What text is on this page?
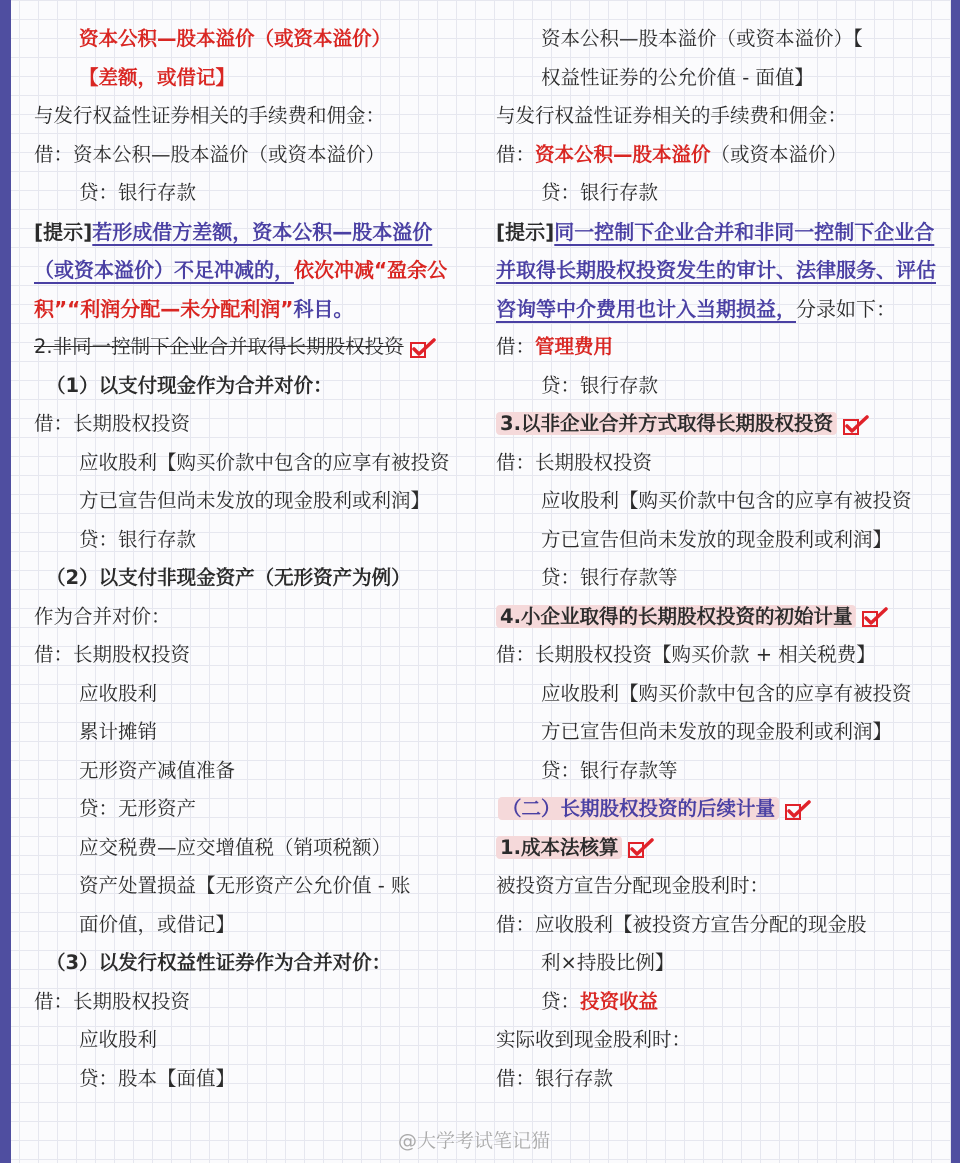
资本公积—股本溢价（或资本溢价）
【差额，或借记】
与发行权益性证券相关的手续费和佣金：
借：资本公积—股本溢价（或资本溢价）
贷：银行存款
[提示]若形成借方差额，资本公积—股本溢价（或资本溢价）不足冲减的，依次冲减“盈余公积”“利润分配—未分配利润”科目。
2.非同一控制下企业合并取得长期股权投资
（1）以支付现金作为合并对价：
借：长期股权投资
应收股利【购买价款中包含的应享有被投资
方已宣告但尚未发放的现金股利或利润】
贷：银行存款
（2）以支付非现金资产（无形资产为例）
作为合并对价：
借：长期股权投资
应收股利
累计摊销
无形资产减值准备
贷：无形资产
应交税费—应交增值税（销项税额）
资产处置损益【无形资产公允价值 - 账
面价值，或借记】
（3）以发行权益性证券作为合并对价：
借：长期股权投资
应收股利
贷：股本【面值】
资本公积—股本溢价（或资本溢价）【
权益性证券的公允价值 - 面值】
与发行权益性证券相关的手续费和佣金：
借：资本公积—股本溢价（或资本溢价）
贷：银行存款
[提示]同一控制下企业合并和非同一控制下企业合并取得长期股权投资发生的审计、法律服务、评估咨询等中介费用也计入当期损益，分录如下：
借：管理费用
贷：银行存款
3.以非企业合并方式取得长期股权投资
借：长期股权投资
应收股利【购买价款中包含的应享有被投资
方已宣告但尚未发放的现金股利或利润】
贷：银行存款等
4.小企业取得的长期股权投资的初始计量
借：长期股权投资【购买价款 + 相关税费】
应收股利【购买价款中包含的应享有被投资
方已宣告但尚未发放的现金股利或利润】
贷：银行存款等
（二）长期股权投资的后续计量
1.成本法核算
被投资方宣告分配现金股利时：
借：应收股利【被投资方宣告分配的现金股
利×持股比例】
贷：投资收益
实际收到现金股利时：
借：银行存款
@大学考试笔记猫
